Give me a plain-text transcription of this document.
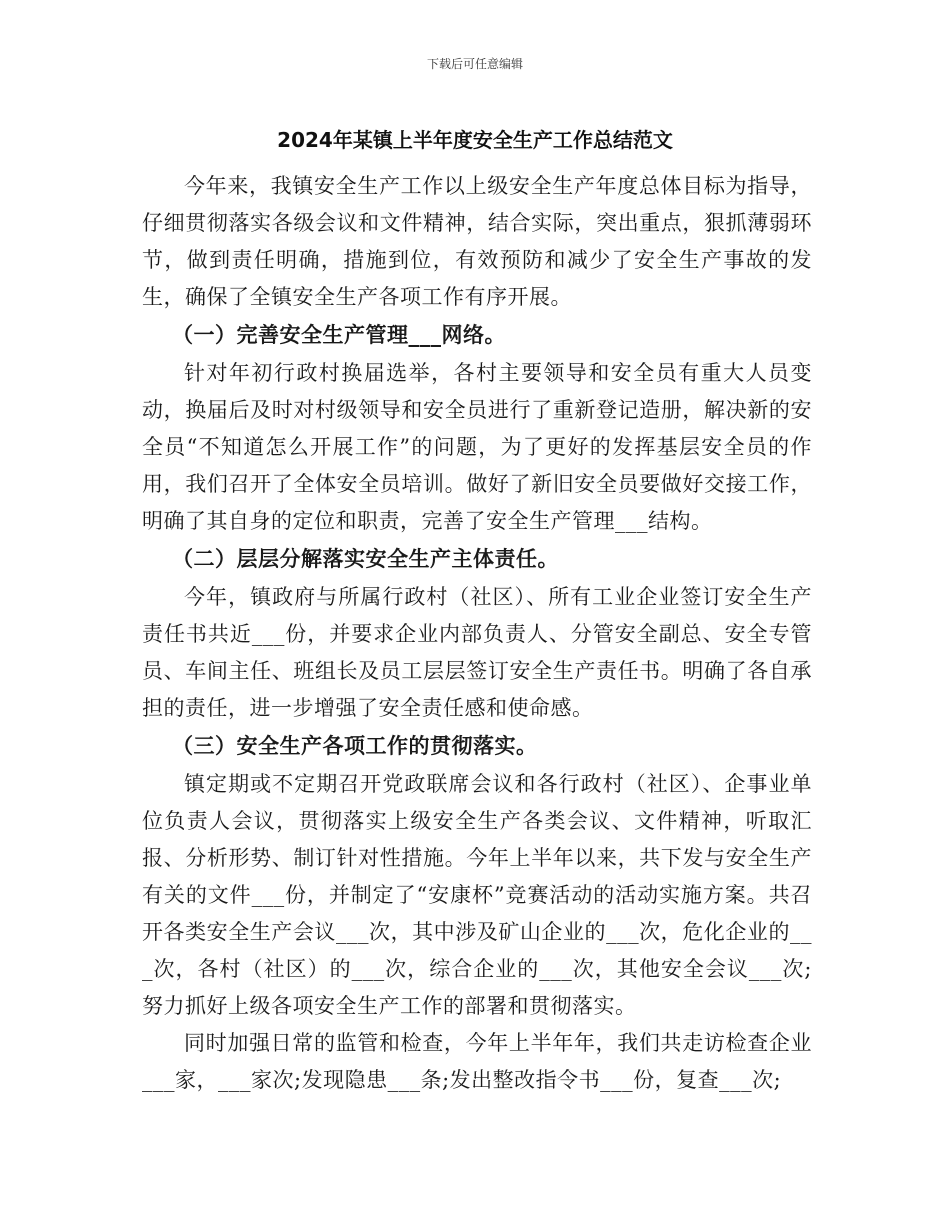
下载后可任意编辑
2024年某镇上半年度安全生产工作总结范文

今年来，我镇安全生产工作以上级安全生产年度总体目标为指导，仔细贯彻落实各级会议和文件精神，结合实际，突出重点，狠抓薄弱环节，做到责任明确，措施到位，有效预防和减少了安全生产事故的发生，确保了全镇安全生产各项工作有序开展。

（一）完善安全生产管理___网络。

针对年初行政村换届选举，各村主要领导和安全员有重大人员变动，换届后及时对村级领导和安全员进行了重新登记造册，解决新的安全员“不知道怎么开展工作”的问题，为了更好的发挥基层安全员的作用，我们召开了全体安全员培训。做好了新旧安全员要做好交接工作，明确了其自身的定位和职责，完善了安全生产管理___结构。

（二）层层分解落实安全生产主体责任。

今年，镇政府与所属行政村（社区）、所有工业企业签订安全生产责任书共近___份，并要求企业内部负责人、分管安全副总、安全专管员、车间主任、班组长及员工层层签订安全生产责任书。明确了各自承担的责任，进一步增强了安全责任感和使命感。

（三）安全生产各项工作的贯彻落实。

镇定期或不定期召开党政联席会议和各行政村（社区）、企事业单位负责人会议，贯彻落实上级安全生产各类会议、文件精神，听取汇报、分析形势、制订针对性措施。今年上半年以来，共下发与安全生产有关的文件___份，并制定了“安康杯”竞赛活动的活动实施方案。共召开各类安全生产会议___次，其中涉及矿山企业的___次，危化企业的___次，各村（社区）的___次，综合企业的___次，其他安全会议___次;努力抓好上级各项安全生产工作的部署和贯彻落实。

同时加强日常的监管和检查，今年上半年年，我们共走访检查企业___家，___家次;发现隐患___条;发出整改指令书___份，复查___次;
